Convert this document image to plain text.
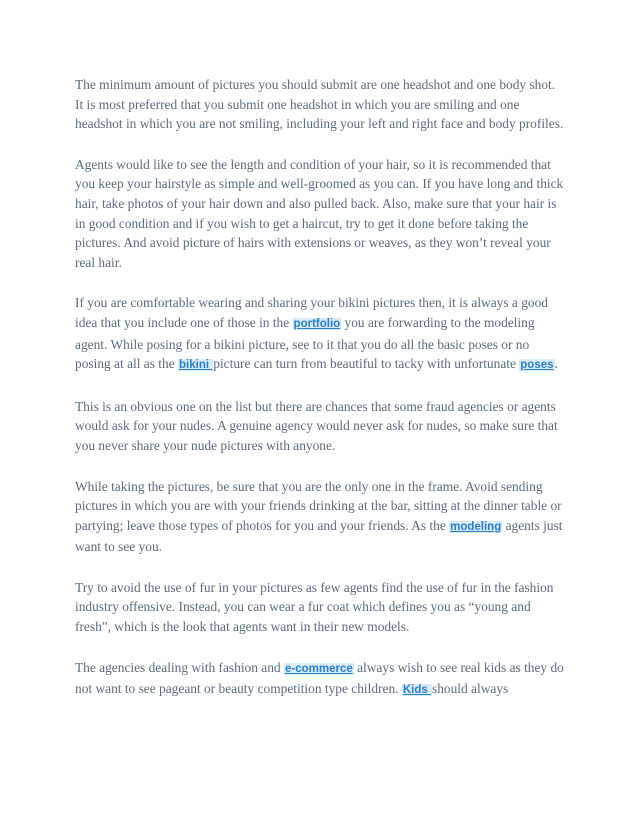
The minimum amount of pictures you should submit are one headshot and one body shot. It is most preferred that you submit one headshot in which you are smiling and one headshot in which you are not smiling, including your left and right face and body profiles.

Agents would like to see the length and condition of your hair, so it is recommended that you keep your hairstyle as simple and well-groomed as you can. If you have long and thick hair, take photos of your hair down and also pulled back. Also, make sure that your hair is in good condition and if you wish to get a haircut, try to get it done before taking the pictures. And avoid picture of hairs with extensions or weaves, as they won’t reveal your real hair.

If you are comfortable wearing and sharing your bikini pictures then, it is always a good idea that you include one of those in the portfolio you are forwarding to the modeling agent. While posing for a bikini picture, see to it that you do all the basic poses or no posing at all as the bikini picture can turn from beautiful to tacky with unfortunate poses.

This is an obvious one on the list but there are chances that some fraud agencies or agents would ask for your nudes. A genuine agency would never ask for nudes, so make sure that you never share your nude pictures with anyone.

While taking the pictures, be sure that you are the only one in the frame. Avoid sending pictures in which you are with your friends drinking at the bar, sitting at the dinner table or partying; leave those types of photos for you and your friends. As the modeling agents just want to see you.

Try to avoid the use of fur in your pictures as few agents find the use of fur in the fashion industry offensive. Instead, you can wear a fur coat which defines you as “young and fresh”, which is the look that agents want in their new models.

The agencies dealing with fashion and e-commerce always wish to see real kids as they do not want to see pageant or beauty competition type children. Kids should always
